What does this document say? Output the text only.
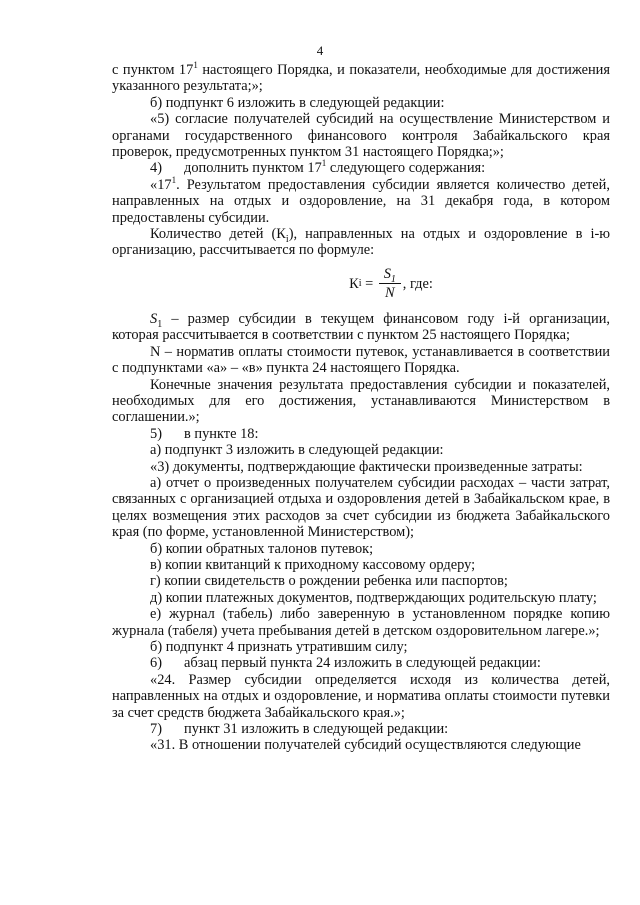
4

с пунктом $17^1$ настоящего Порядка, и показатели, необходимые для достижения указанного результата;»;

б) подпункт 6 изложить в следующей редакции:

«5) согласие получателей субсидий на осуществление Министерством и органами государственного финансового контроля Забайкальского края проверок, предусмотренных пунктом 31 настоящего Порядка;»;

4) дополнить пунктом $17^1$ следующего содержания:

«$17^1$. Результатом предоставления субсидии является количество детей, направленных на отдых и оздоровление, на 31 декабря года, в котором предоставлены субсидии.

Количество детей $(К_i)$, направленных на отдых и оздоровление в i-ю организацию, рассчитывается по формуле:

К $i = \frac{S_1}{N}$ , где:

$S_1$ – размер субсидии в текущем финансовом году i-й организации, которая рассчитывается в соответствии с пунктом 25 настоящего Порядка;

N – норматив оплаты стоимости путевок, устанавливается в соответствии с подпунктами «а» – «в» пункта 24 настоящего Порядка.

Конечные значения результата предоставления субсидии и показателей, необходимых для его достижения, устанавливаются Министерством в соглашении.»;

5) в пункте 18:

а) подпункт 3 изложить в следующей редакции:

«3) документы, подтверждающие фактически произведенные затраты:

а) отчет о произведенных получателем субсидии расходах – части затрат, связанных с организацией отдыха и оздоровления детей в Забайкальском крае, в целях возмещения этих расходов за счет субсидии из бюджета Забайкальского края (по форме, установленной Министерством);

б) копии обратных талонов путевок;

в) копии квитанций к приходному кассовому ордеру;

г) копии свидетельств о рождении ребенка или паспортов;

д) копии платежных документов, подтверждающих родительскую плату;

е) журнал (табель) либо заверенную в установленном порядке копию журнала (табеля) учета пребывания детей в детском оздоровительном лагере.»;

б) подпункт 4 признать утратившим силу;

6) абзац первый пункта 24 изложить в следующей редакции:

«24. Размер субсидии определяется исходя из количества детей, направленных на отдых и оздоровление, и норматива оплаты стоимости путевки за счет средств бюджета Забайкальского края.»;

7) пункт 31 изложить в следующей редакции:

«31. В отношении получателей субсидий осуществляются следующие
